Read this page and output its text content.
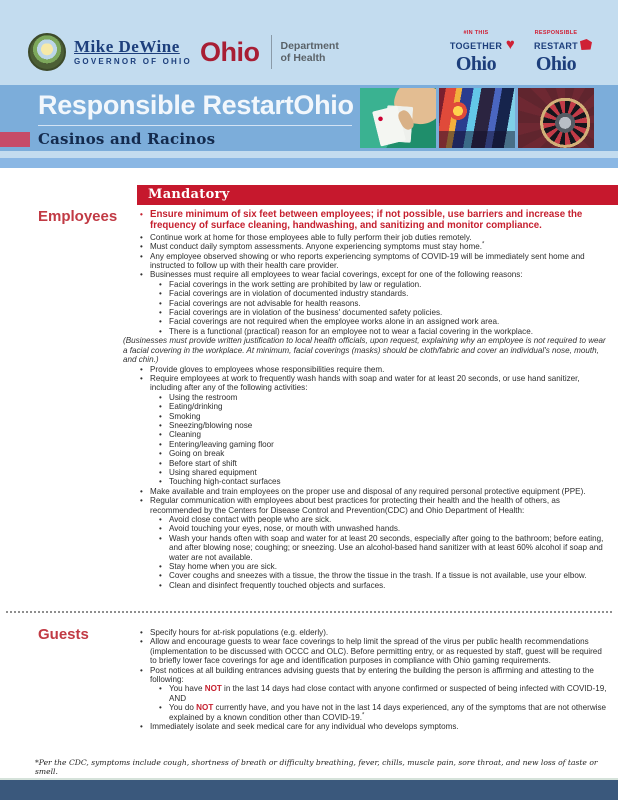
Mike DeWine
GOVERNOR OF OHIO Ohio Department
of Health
#IN THIS
TOGETHER ♥
Ohio
RESPONSIBLE
RESTART
Ohio
Responsible RestartOhio
Casinos and Racinos
Mandatory
Employees	• Ensure minimum of six feet between employees; if not possible, use barriers and increase the frequency of surface cleaning, handwashing, and sanitizing and monitor compliance.
• Continue work at home for those employees able to fully perform their job duties remotely.
• Must conduct daily symptom assessments. Anyone experiencing symptoms must stay home.*
• Any employee observed showing or who reports experiencing symptoms of COVID-19 will be immediately sent home and instructed to follow up with their health care provider.
• Businesses must require all employees to wear facial coverings, except for one of the following reasons:
• Facial coverings in the work setting are prohibited by law or regulation.
• Facial coverings are in violation of documented industry standards.
• Facial coverings are not advisable for health reasons.
• Facial coverings are in violation of the business' documented safety policies.
• Facial coverings are not required when the employee works alone in an assigned work area.
• There is a functional (practical) reason for an employee not to wear a facial covering in the workplace.
(Businesses must provide written justification to local health officials, upon request, explaining why an employee is not required to wear a facial covering in the workplace. At minimum, facial coverings (masks) should be cloth/fabric and cover an individual's nose, mouth, and chin.)
• Provide gloves to employees whose responsibilities require them.
• Require employees at work to frequently wash hands with soap and water for at least 20 seconds, or use hand sanitizer, including after any of the following activities:
• Using the restroom
• Eating/drinking
• Smoking
• Sneezing/blowing nose
• Cleaning
• Entering/leaving gaming floor
• Going on break
• Before start of shift
• Using shared equipment
• Touching high-contact surfaces
• Make available and train employees on the proper use and disposal of any required personal protective equipment (PPE).
• Regular communication with employees about best practices for protecting their health and the health of others, as recommended by the Centers for Disease Control and Prevention(CDC) and Ohio Department of Health:
• Avoid close contact with people who are sick.
• Avoid touching your eyes, nose, or mouth with unwashed hands.
• Wash your hands often with soap and water for at least 20 seconds, especially after going to the bathroom; before eating, and after blowing nose; coughing; or sneezing. Use an alcohol-based hand sanitizer with at least 60% alcohol if soap and water are not available.
• Stay home when you are sick.
• Cover coughs and sneezes with a tissue, the throw the tissue in the trash. If a tissue is not available, use your elbow.
• Clean and disinfect frequently touched objects and surfaces.
Guests	• Specify hours for at-risk populations (e.g. elderly).
• Allow and encourage guests to wear face coverings to help limit the spread of the virus per public health recommendations (implementation to be discussed with OCCC and OLC). Before permitting entry, or as requested by staff, guest will be required to briefly lower face coverings for age and identification purposes in compliance with Ohio gaming requirements.
• Post notices at all building entrances advising guests that by entering the building the person is affirming and attesting to the following:
• You have NOT in the last 14 days had close contact with anyone confirmed or suspected of being infected with COVID-19, AND
• You do NOT currently have, and you have not in the last 14 days experienced, any of the symptoms that are not otherwise explained by a known condition other than COVID-19.*
• Immediately isolate and seek medical care for any individual who develops symptoms.
*Per the CDC, symptoms include cough, shortness of breath or difficulty breathing, fever, chills, muscle pain, sore throat, and new loss of taste or smell.
